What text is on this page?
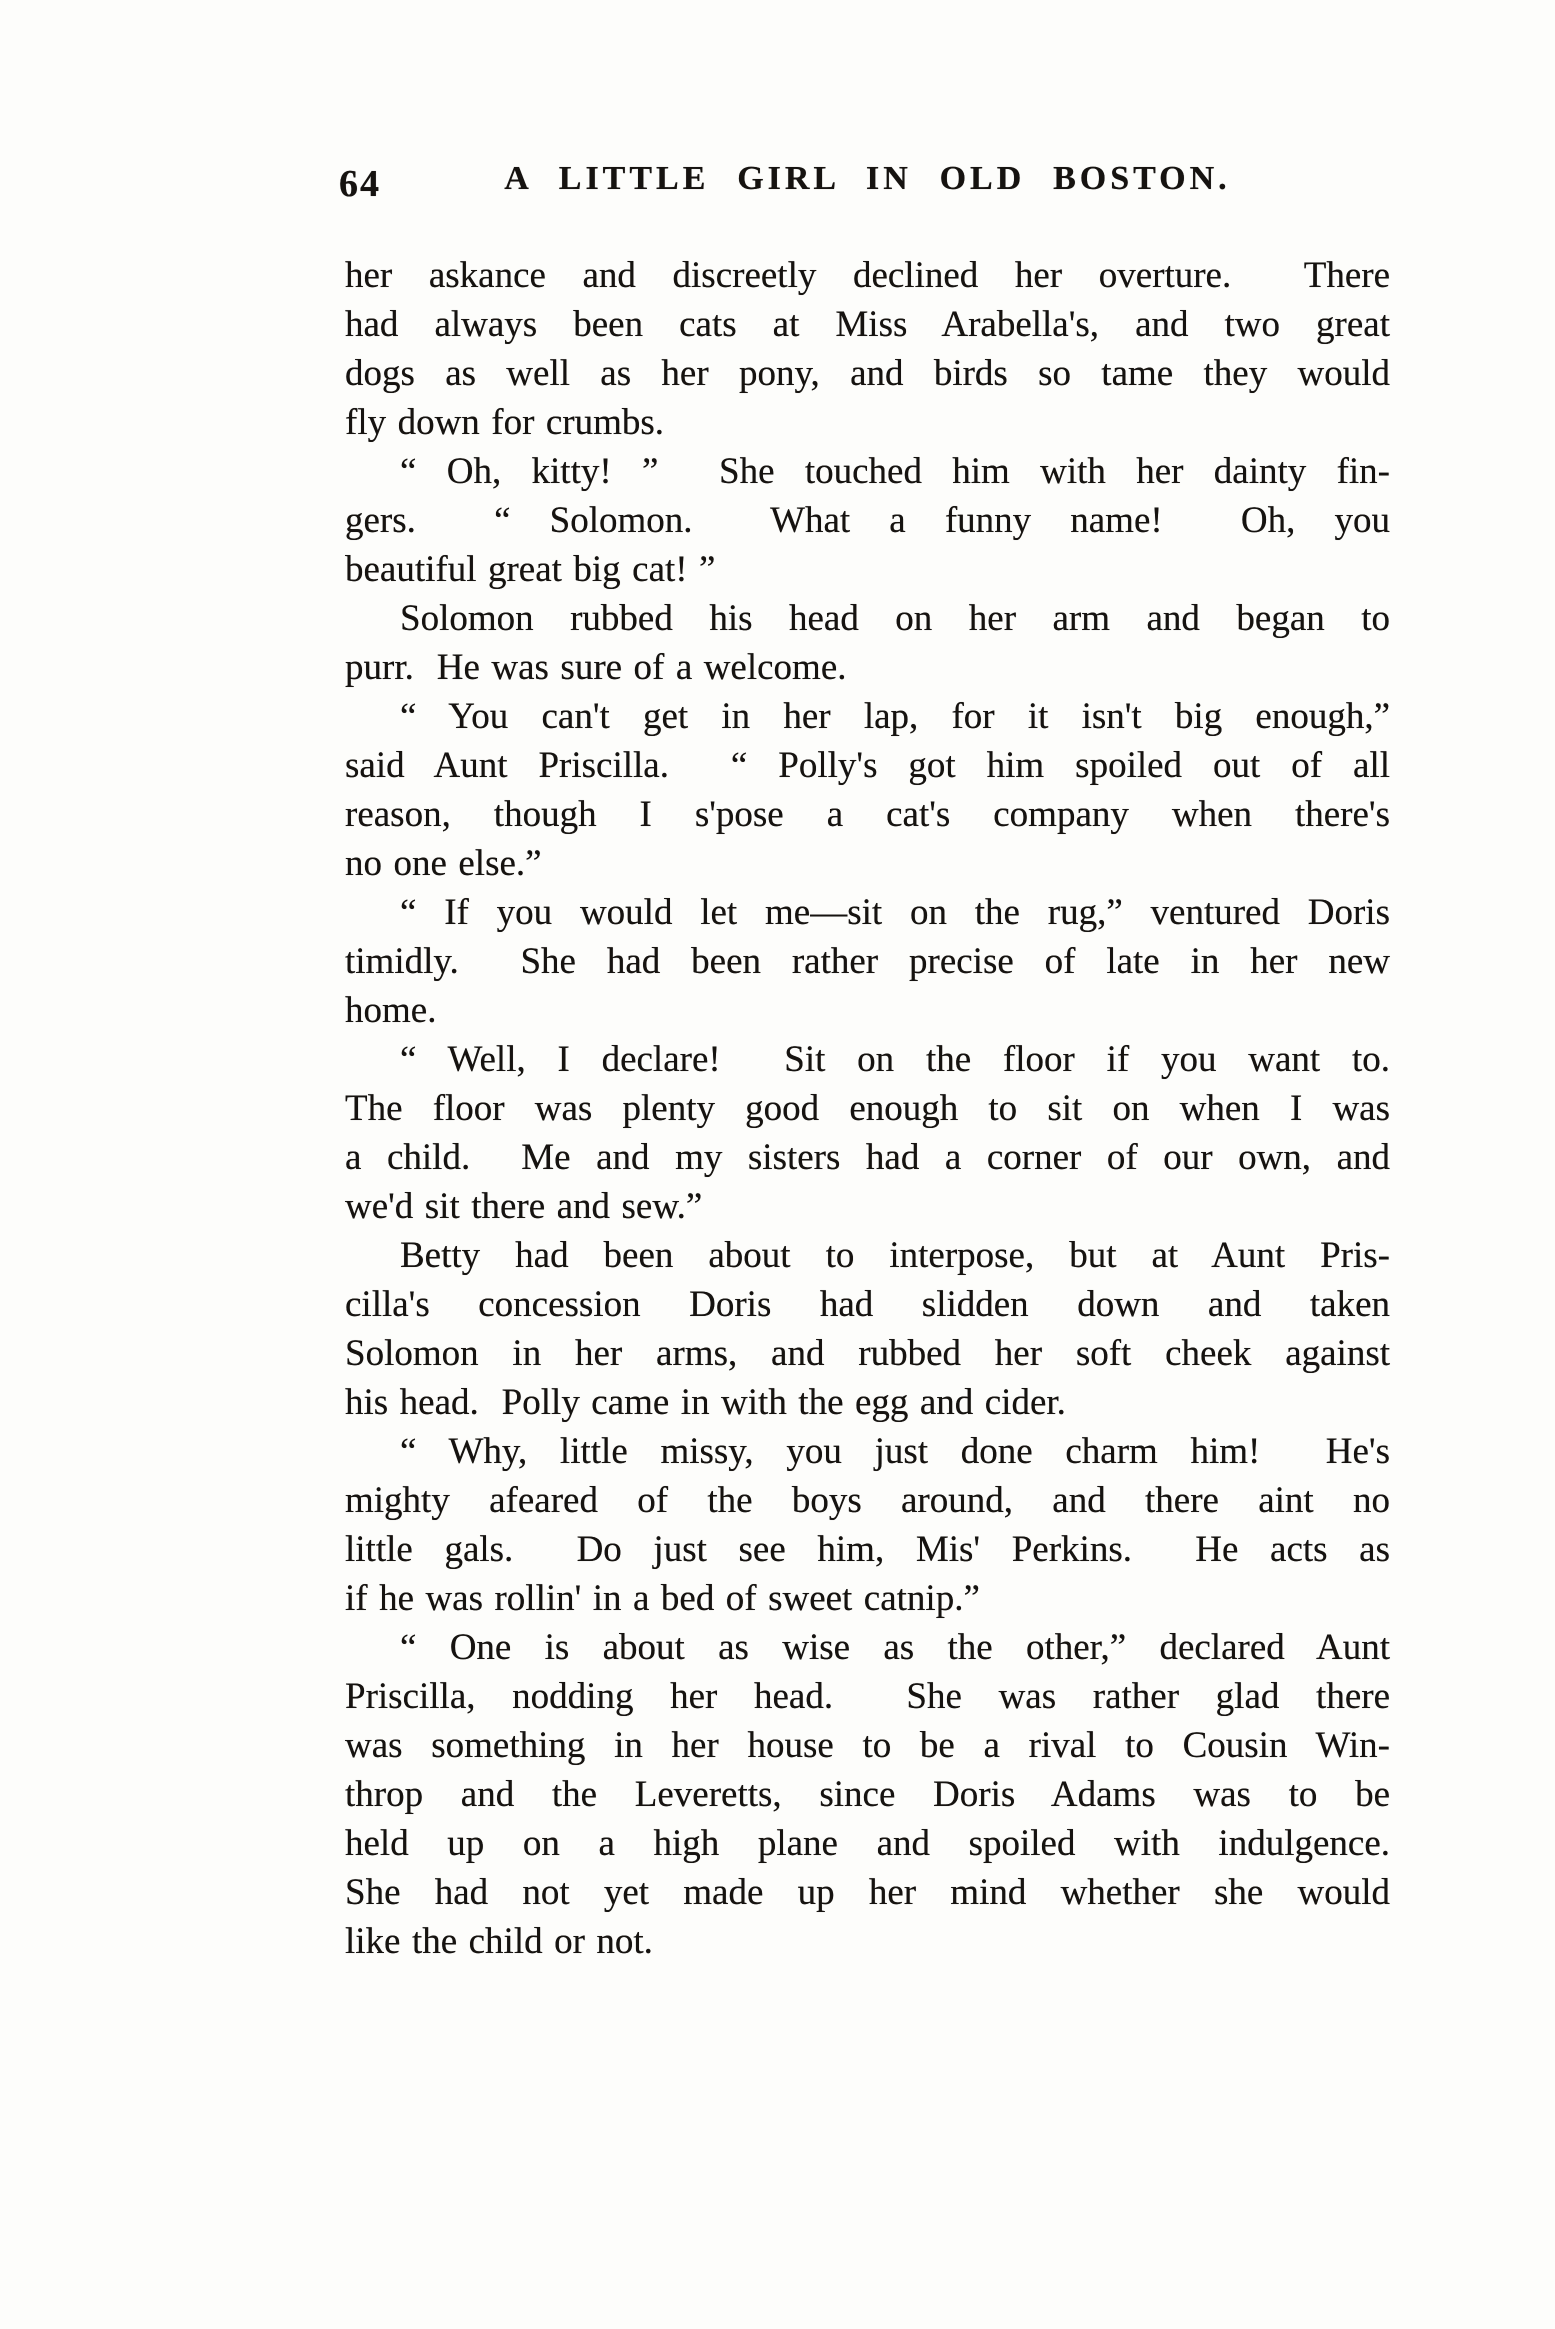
64	A LITTLE GIRL IN OLD BOSTON.
her askance and discreetly declined her overture.  There
had always been cats at Miss Arabella's, and two great
dogs as well as her pony, and birds so tame they would
fly down for crumbs.
“ Oh, kitty! ”  She touched him with her dainty fin-
gers.  “ Solomon.  What a funny name!  Oh, you
beautiful great big cat! ”
Solomon rubbed his head on her arm and began to
purr.  He was sure of a welcome.
“ You can't get in her lap, for it isn't big enough,”
said Aunt Priscilla.  “ Polly's got him spoiled out of all
reason, though I s'pose a cat's company when there's
no one else.”
“ If you would let me—sit on the rug,” ventured Doris
timidly.  She had been rather precise of late in her new
home.
“ Well, I declare!  Sit on the floor if you want to.
The floor was plenty good enough to sit on when I was
a child.  Me and my sisters had a corner of our own, and
we'd sit there and sew.”
Betty had been about to interpose, but at Aunt Pris-
cilla's concession Doris had slidden down and taken
Solomon in her arms, and rubbed her soft cheek against
his head.  Polly came in with the egg and cider.
“ Why, little missy, you just done charm him!  He's
mighty afeared of the boys around, and there aint no
little gals.  Do just see him, Mis' Perkins.  He acts as
if he was rollin' in a bed of sweet catnip.”
“ One is about as wise as the other,” declared Aunt
Priscilla, nodding her head.  She was rather glad there
was something in her house to be a rival to Cousin Win-
throp and the Leveretts, since Doris Adams was to be
held up on a high plane and spoiled with indulgence.
She had not yet made up her mind whether she would
like the child or not.
